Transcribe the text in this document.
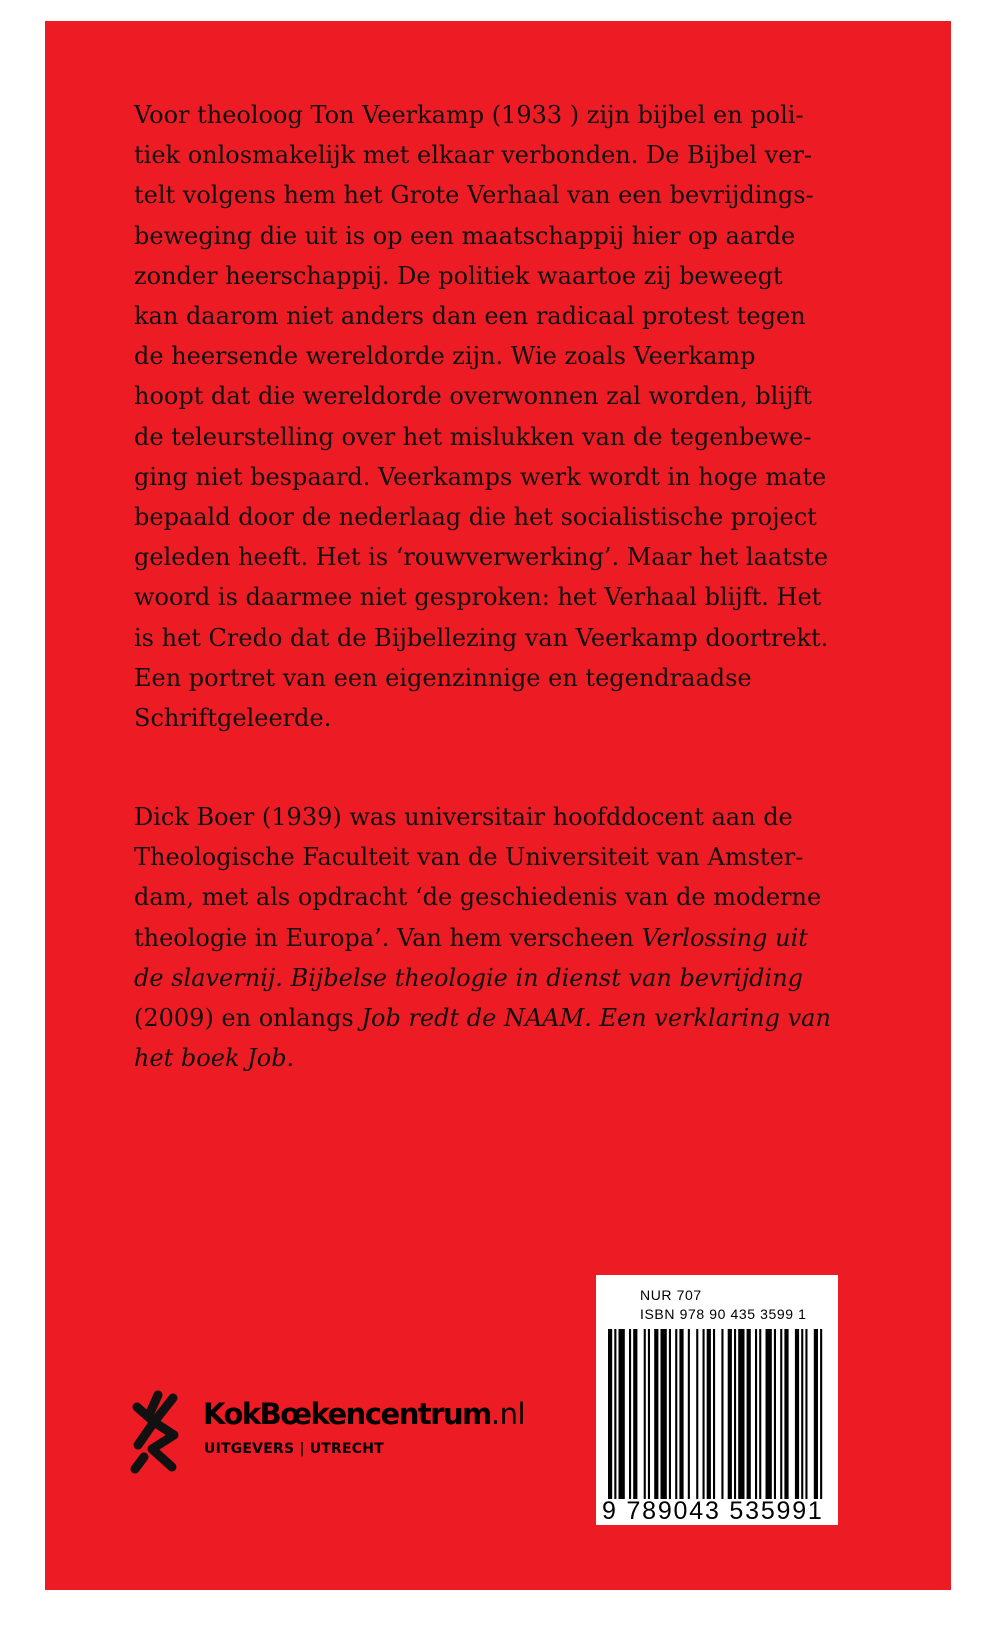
Voor theoloog Ton Veerkamp (1933 ) zijn bijbel en poli-
tiek onlosmakelijk met elkaar verbonden. De Bijbel ver-
telt volgens hem het Grote Verhaal van een bevrijdings-
beweging die uit is op een maatschappij hier op aarde
zonder heerschappij. De politiek waartoe zij beweegt
kan daarom niet anders dan een radicaal protest tegen
de heersende wereldorde zijn. Wie zoals Veerkamp
hoopt dat die wereldorde overwonnen zal worden, blijft
de teleurstelling over het mislukken van de tegenbewe-
ging niet bespaard. Veerkamps werk wordt in hoge mate
bepaald door de nederlaag die het socialistische project
geleden heeft. Het is ‘rouwverwerking’. Maar het laatste
woord is daarmee niet gesproken: het Verhaal blijft. Het
is het Credo dat de Bijbellezing van Veerkamp doortrekt.
Een portret van een eigenzinnige en tegendraadse
Schriftgeleerde.
Dick Boer (1939) was universitair hoofddocent aan de
Theologische Faculteit van de Universiteit van Amster-
dam, met als opdracht ‘de geschiedenis van de moderne
theologie in Europa’. Van hem verscheen Verlossing uit
de slavernij. Bijbelse theologie in dienst van bevrijding
(2009) en onlangs Job redt de NAAM. Een verklaring van
het boek Job.
KokBœkencentrum.nl
UITGEVERS | UTRECHT
NUR 707
ISBN 978 90 435 3599 1
9 789043 535991
